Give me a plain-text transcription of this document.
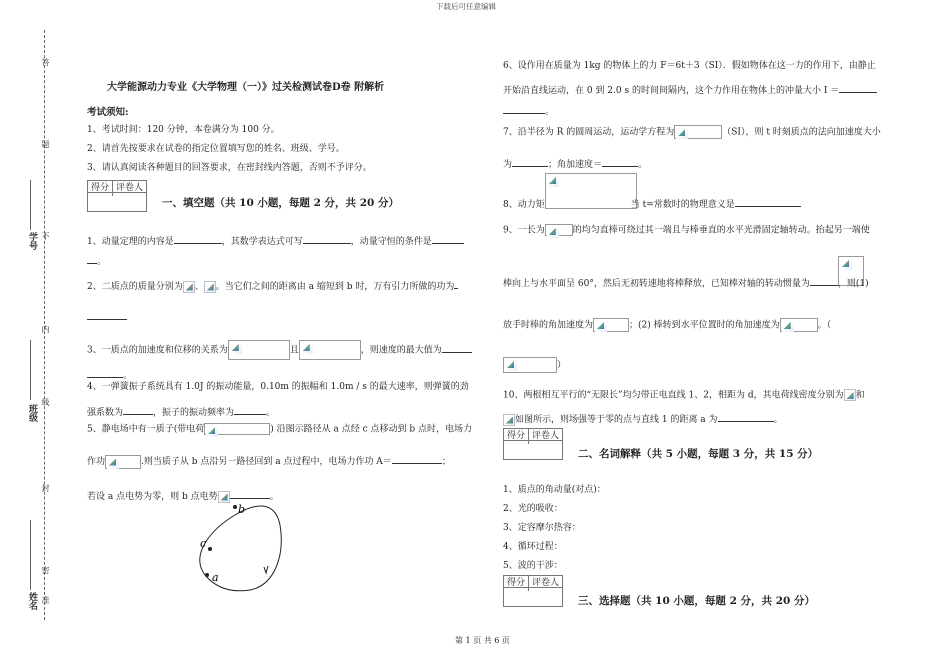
下载后可任意编辑
答
题
不
内
线
封
密
准
学号
班级
姓名
大学能源动力专业《大学物理（一）》过关检测试卷D卷 附解析
考试须知:
1、考试时间：120 分钟，本卷满分为 100 分。
2、请首先按要求在试卷的指定位置填写您的姓名、班级、学号。
3、请认真阅读各种题目的回答要求，在密封线内答题，否则不予评分。
得分 评卷人
一、填空题（共 10 小题，每题 2 分，共 20 分）
1、动量定理的内容是	，其数学表达式可写	，动量守恒的条件是
。
2、二质点的质量分别为 、 。当它们之间的距离由 a 缩短到 b 时，万有引力所做的功为
3、一质点的加速度和位移的关系为	且	，则速度的最大值为
。
4、一弹簧振子系统具有 1.0J 的振动能量，0.10m 的振幅和 1.0m / s 的最大速率，则弹簧的劲
强系数为	，振子的振动频率为	。
5、静电场中有一质子(带电荷	) 沿图示路径从 a 点经 c 点移动到 b 点时，电场力
作功	.则当质子从 b 点沿另一路径回到 a 点过程中，电场力作功 A＝	；
若设 a 点电势为零，则 b 点电势	。
b
c
a
6、设作用在质量为 1kg 的物体上的力 F＝6t＋3（SI）．假如物体在这一力的作用下，由静止
开始沿直线运动，在 0 到 2.0 s 的时间间隔内，这个力作用在物体上的冲量大小 I ＝
。
7、沿半径为 R 的圆周运动，运动学方程为	（SI），则 t 时刻质点的法向加速度大小
为	；角加速度＝	。
8、动力矩	当 t=常数时的物理意义是
9、一长为	的均匀直棒可绕过其一端且与棒垂直的水平光滑固定轴转动。抬起另一端使
棒向上与水平面呈 60°，然后无初转速地将棒释放，已知棒对轴的转动惯量为	，则(1)
放手时棒的角加速度为	；(2) 棒转到水平位置时的角加速度为	。（
）
10、两根相互平行的“无限长”均匀带正电直线 1、2，相距为 d，其电荷线密度分别为 和
如图所示，则场强等于零的点与直线 1 的距离 a 为	。
得分 评卷人
二、名词解释（共 5 小题，每题 3 分，共 15 分）
1、质点的角动量(对点)：
2、光的吸收：
3、定容摩尔热容：
4、循环过程：
5、波的干涉：
得分 评卷人
三、选择题（共 10 小题，每题 2 分，共 20 分）
第 1 页 共 6 页
